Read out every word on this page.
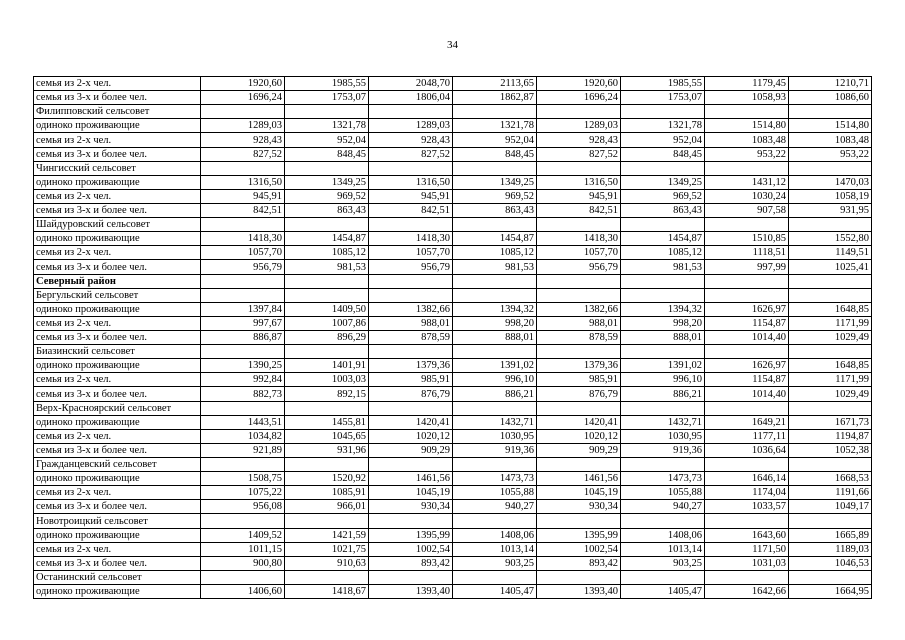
34
семья из 2-х чел.	1920,60	1985,55	2048,70	2113,65	1920,60	1985,55	1179,45	1210,71
семья из 3-х и более чел.	1696,24	1753,07	1806,04	1862,87	1696,24	1753,07	1058,93	1086,60
Филипповский сельсовет								
одиноко проживающие	1289,03	1321,78	1289,03	1321,78	1289,03	1321,78	1514,80	1514,80
семья из 2-х чел.	928,43	952,04	928,43	952,04	928,43	952,04	1083,48	1083,48
семья из 3-х и более чел.	827,52	848,45	827,52	848,45	827,52	848,45	953,22	953,22
Чингисский сельсовет								
одиноко проживающие	1316,50	1349,25	1316,50	1349,25	1316,50	1349,25	1431,12	1470,03
семья из 2-х чел.	945,91	969,52	945,91	969,52	945,91	969,52	1030,24	1058,19
семья из 3-х и более чел.	842,51	863,43	842,51	863,43	842,51	863,43	907,58	931,95
Шайдуровский сельсовет								
одиноко проживающие	1418,30	1454,87	1418,30	1454,87	1418,30	1454,87	1510,85	1552,80
семья из 2-х чел.	1057,70	1085,12	1057,70	1085,12	1057,70	1085,12	1118,51	1149,51
семья из 3-х и более чел.	956,79	981,53	956,79	981,53	956,79	981,53	997,99	1025,41
Северный район								
Бергульский сельсовет								
одиноко проживающие	1397,84	1409,50	1382,66	1394,32	1382,66	1394,32	1626,97	1648,85
семья из 2-х чел.	997,67	1007,86	988,01	998,20	988,01	998,20	1154,87	1171,99
семья из 3-х и более чел.	886,87	896,29	878,59	888,01	878,59	888,01	1014,40	1029,49
Биазинский сельсовет								
одиноко проживающие	1390,25	1401,91	1379,36	1391,02	1379,36	1391,02	1626,97	1648,85
семья из 2-х чел.	992,84	1003,03	985,91	996,10	985,91	996,10	1154,87	1171,99
семья из 3-х и более чел.	882,73	892,15	876,79	886,21	876,79	886,21	1014,40	1029,49
Верх-Красноярский сельсовет								
одиноко проживающие	1443,51	1455,81	1420,41	1432,71	1420,41	1432,71	1649,21	1671,73
семья из 2-х чел.	1034,82	1045,65	1020,12	1030,95	1020,12	1030,95	1177,11	1194,87
семья из 3-х и более чел.	921,89	931,96	909,29	919,36	909,29	919,36	1036,64	1052,38
Гражданцевский сельсовет								
одиноко проживающие	1508,75	1520,92	1461,56	1473,73	1461,56	1473,73	1646,14	1668,53
семья из 2-х чел.	1075,22	1085,91	1045,19	1055,88	1045,19	1055,88	1174,04	1191,66
семья из 3-х и более чел.	956,08	966,01	930,34	940,27	930,34	940,27	1033,57	1049,17
Новотроицкий сельсовет								
одиноко проживающие	1409,52	1421,59	1395,99	1408,06	1395,99	1408,06	1643,60	1665,89
семья из 2-х чел.	1011,15	1021,75	1002,54	1013,14	1002,54	1013,14	1171,50	1189,03
семья из 3-х и более чел.	900,80	910,63	893,42	903,25	893,42	903,25	1031,03	1046,53
Останинский сельсовет								
одиноко проживающие	1406,60	1418,67	1393,40	1405,47	1393,40	1405,47	1642,66	1664,95
